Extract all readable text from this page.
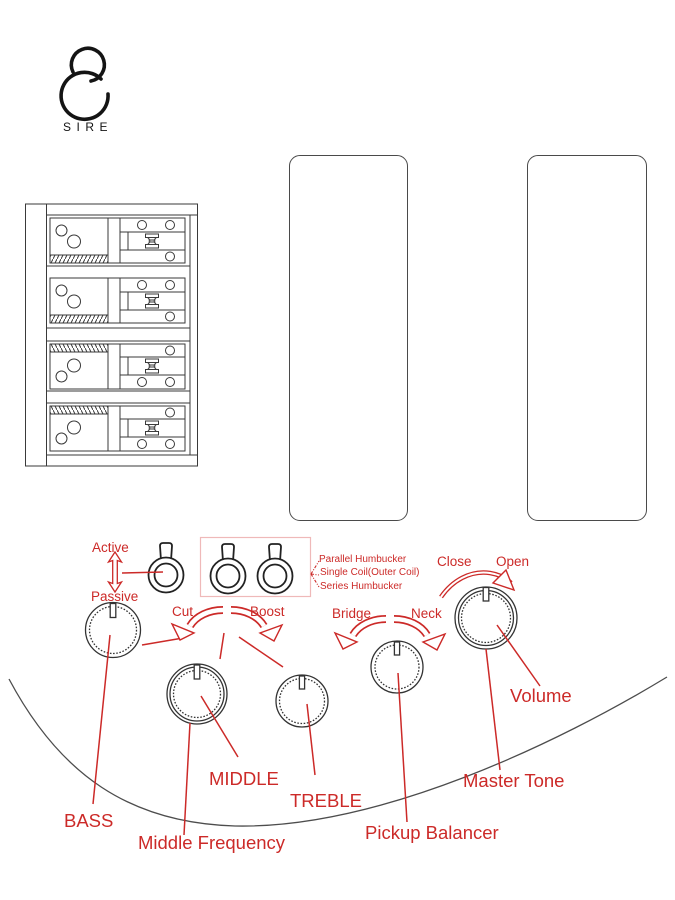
SIRE
Active
Passive
Cut	Boost	Bridge	Neck
Close Open
Parallel Humbucker
Single Coil(Outer Coil)
Series Humbucker
BASS
MIDDLE
TREBLE
Middle Frequency
Volume
Master Tone
Pickup Balancer
